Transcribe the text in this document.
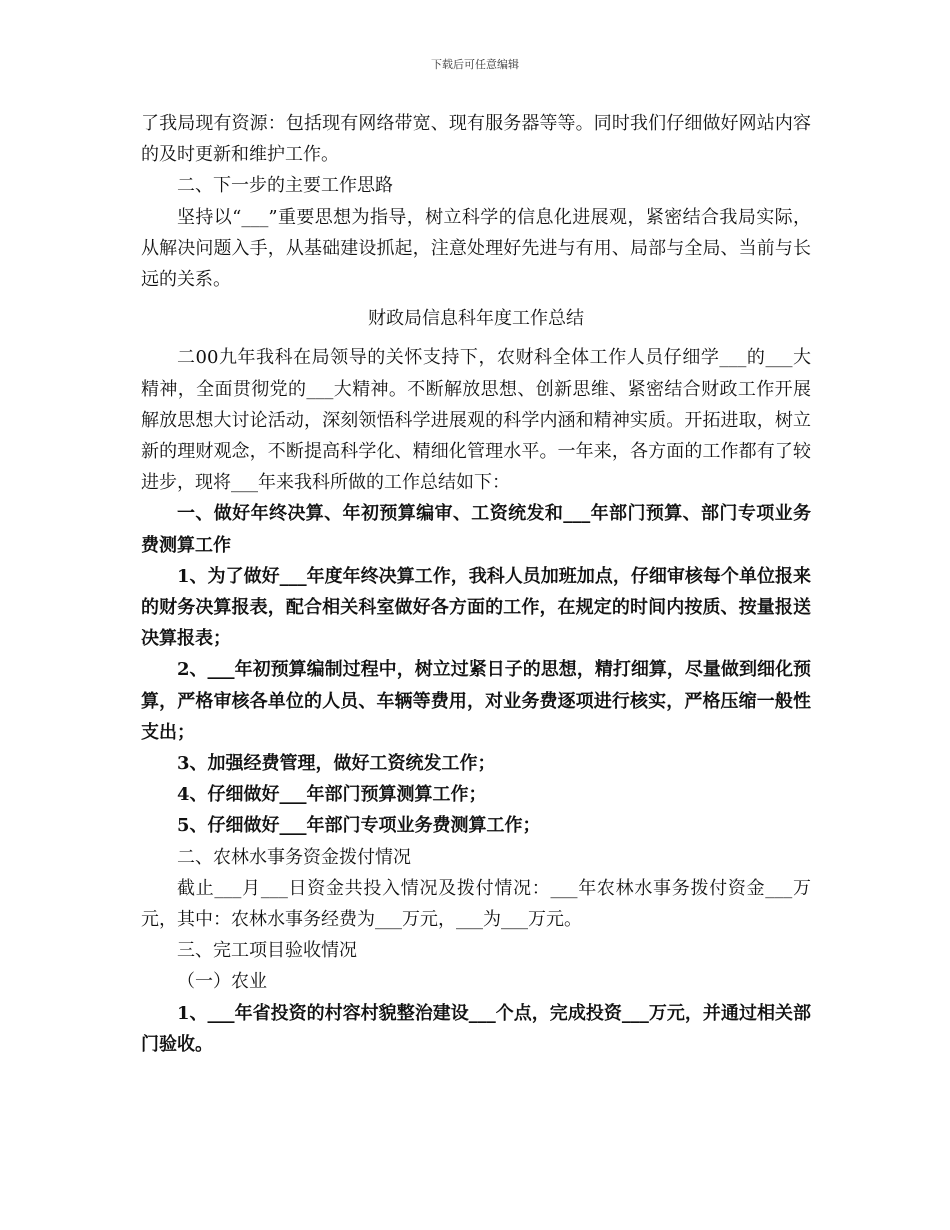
下载后可任意编辑

了我局现有资源：包括现有网络带宽、现有服务器等等。同时我们仔细做好网站内容的及时更新和维护工作。

二、下一步的主要工作思路

坚持以“___”重要思想为指导，树立科学的信息化进展观，紧密结合我局实际，从解决问题入手，从基础建设抓起，注意处理好先进与有用、局部与全局、当前与长远的关系。

财政局信息科年度工作总结

二00九年我科在局领导的关怀支持下，农财科全体工作人员仔细学___的___大精神，全面贯彻党的___大精神。不断解放思想、创新思维、紧密结合财政工作开展解放思想大讨论活动，深刻领悟科学进展观的科学内涵和精神实质。开拓进取，树立新的理财观念，不断提高科学化、精细化管理水平。一年来，各方面的工作都有了较进步，现将___年来我科所做的工作总结如下：

一、做好年终决算、年初预算编审、工资统发和___年部门预算、部门专项业务费测算工作

1、为了做好___年度年终决算工作，我科人员加班加点，仔细审核每个单位报来的财务决算报表，配合相关科室做好各方面的工作，在规定的时间内按质、按量报送决算报表；

2、___年初预算编制过程中，树立过紧日子的思想，精打细算，尽量做到细化预算，严格审核各单位的人员、车辆等费用，对业务费逐项进行核实，严格压缩一般性支出；

3、加强经费管理，做好工资统发工作；

4、仔细做好___年部门预算测算工作；

5、仔细做好___年部门专项业务费测算工作；

二、农林水事务资金拨付情况

截止___月___日资金共投入情况及拨付情况：___年农林水事务拨付资金___万元，其中：农林水事务经费为___万元，___为___万元。

三、完工项目验收情况

（一）农业

1、___年省投资的村容村貌整治建设___个点，完成投资___万元，并通过相关部门验收。
